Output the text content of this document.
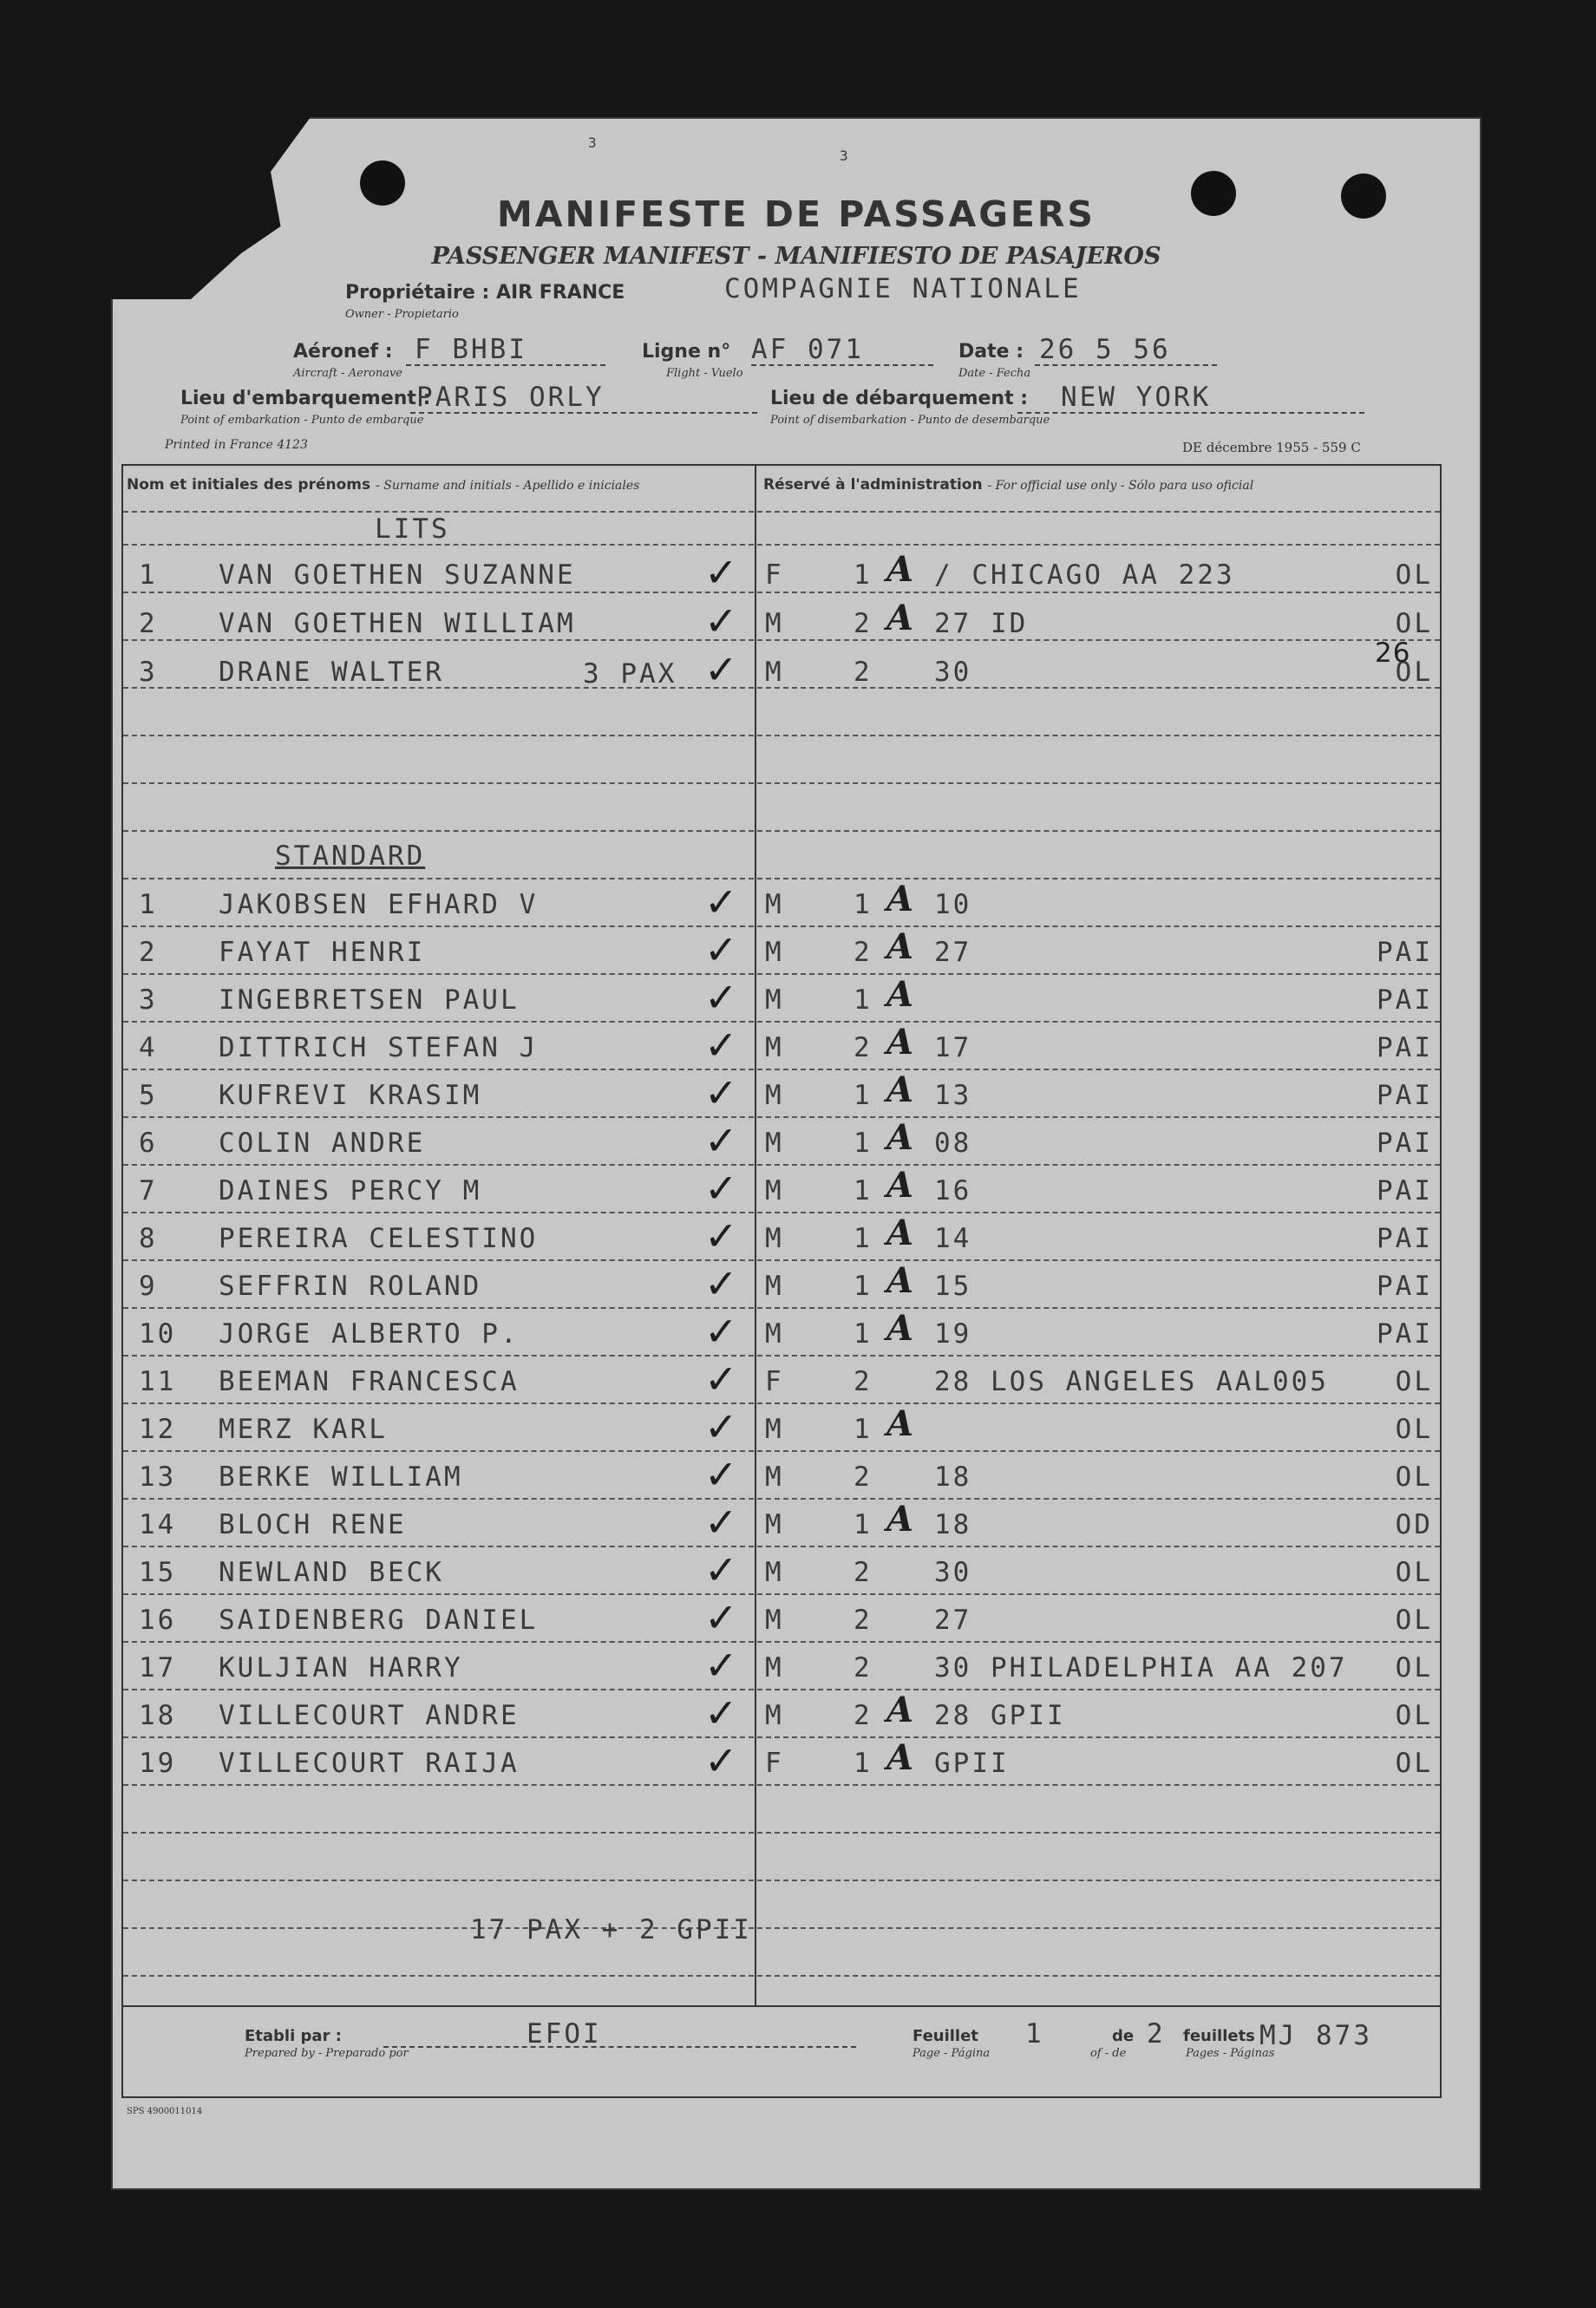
3
3
MANIFESTE DE PASSAGERS
PASSENGER MANIFEST - MANIFIESTO DE PASAJEROS
Propriétaire : AIR FRANCE
Owner - Propietario
COMPAGNIE NATIONALE
Aéronef :
Aircraft - Aeronave
F BHBI	Ligne n°
Flight - Vuelo
AF 071	Date :
Date - Fecha
26 5 56
Lieu d'embarquement :
Point of embarkation - Punto de embarque
PARIS ORLY	Lieu de débarquement :
Point of disembarkation - Punto de desembarque
NEW YORK
Printed in France 4123	DE décembre 1955 - 559 C
Nom et initiales des prénoms - Surname and initials - Apellido e iniciales	Réservé à l'administration - For official use only - Sólo para uso oficial
1 VAN GOETHEN SUZANNE	✓ F	1 A / CHICAGO AA 223	OL
2 VAN GOETHEN WILLIAM	✓ M	2 A 27 ID	OL
3 DRANE WALTER	✓ M	2 30	OL
1 JAKOBSEN EFHARD V	✓ M	1 A 10
2 FAYAT HENRI	✓ M	2 A 27	PAI
3 INGEBRETSEN PAUL	✓ M	1 A	PAI
4 DITTRICH STEFAN J	✓ M	2 A 17	PAI
5 KUFREVI KRASIM	✓ M	1 A 13	PAI
6 COLIN ANDRE	✓ M	1 A 08	PAI
7 DAINES PERCY M	✓ M	1 A 16	PAI
8 PEREIRA CELESTINO	✓ M	1 A 14	PAI
9 SEFFRIN ROLAND	✓ M	1 A 15	PAI
10 JORGE ALBERTO P.	✓ M	1 A 19	PAI
11 BEEMAN FRANCESCA	✓ F	2 28 LOS ANGELES AAL005	OL
12 MERZ KARL	✓ M	1 A	OL
13 BERKE WILLIAM	✓ M	2 18	OL
14 BLOCH RENE	✓ M	1 A 18	OD
15 NEWLAND BECK	✓ M	2 30	OL
16 SAIDENBERG DANIEL	✓ M	2 27	OL
17 KULJIAN HARRY	✓ M	2 30 PHILADELPHIA AA 207	OL
18 VILLECOURT ANDRE	✓ M	2 A 28 GPII	OL
19 VILLECOURT RAIJA	✓ F	1 A GPII	OL
LITS
3 PAX
26
STANDARD
17 PAX + 2 GPII
Etabli par :
Prepared by - Preparado por
EFOI	Feuillet
Page - Página
1	de
of - de
2 feuillets
Pages - Páginas
MJ 873
SPS 4900011014
